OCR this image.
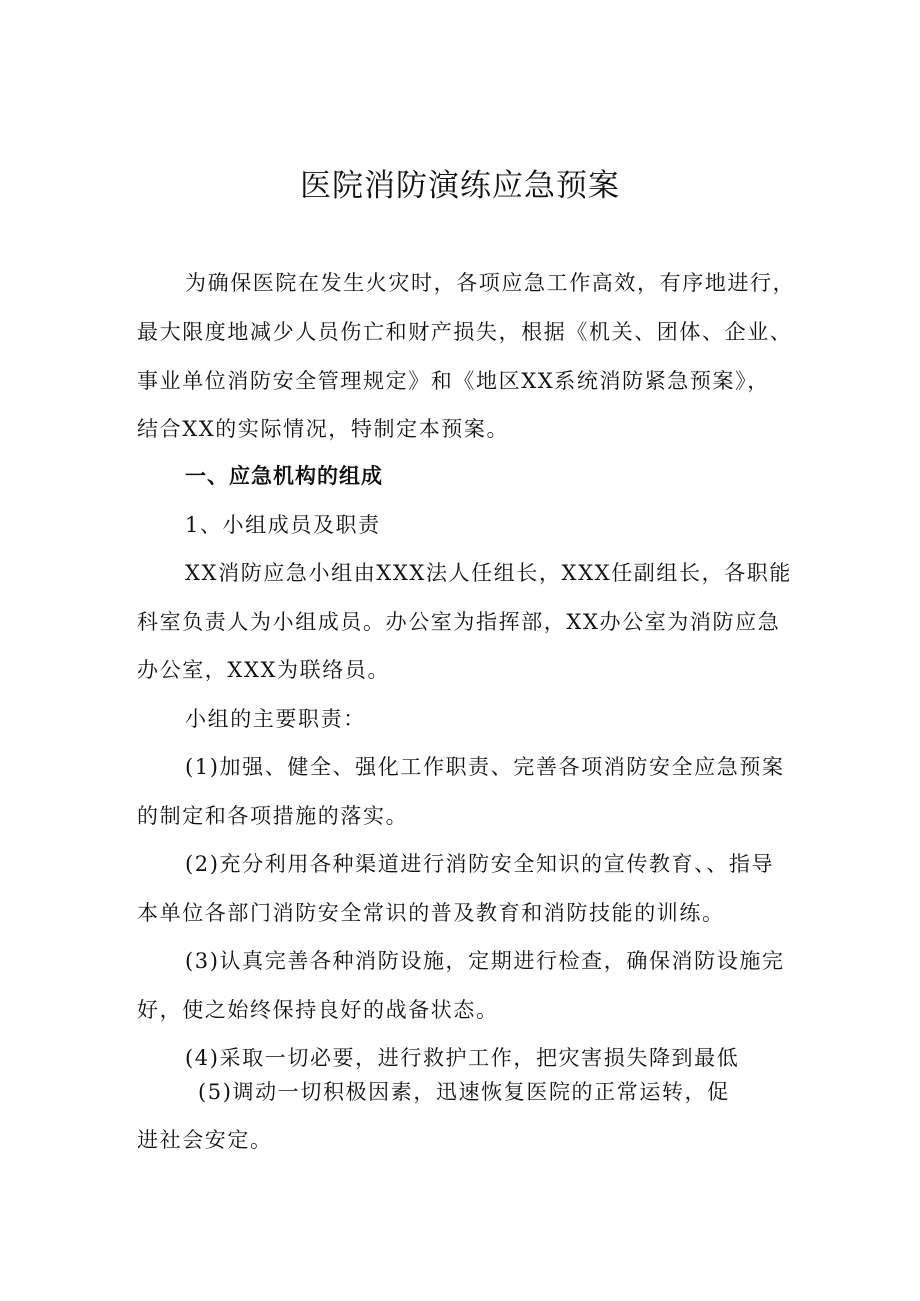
医院消防演练应急预案

为确保医院在发生火灾时，各项应急工作高效，有序地进行，

最大限度地减少人员伤亡和财产损失，根据《机关、团体、企业、

事业单位消防安全管理规定》和《地区XX系统消防紧急预案》，

结合XX的实际情况，特制定本预案。

一、应急机构的组成

1、小组成员及职责

XX消防应急小组由XXX法人任组长，XXX任副组长，各职能

科室负责人为小组成员。办公室为指挥部，XX办公室为消防应急

办公室，XXX为联络员。

小组的主要职责：

(1)加强、健全、强化工作职责、完善各项消防安全应急预案

的制定和各项措施的落实。

(2)充分利用各种渠道进行消防安全知识的宣传教育、、指导

本单位各部门消防安全常识的普及教育和消防技能的训练。

(3)认真完善各种消防设施，定期进行检查，确保消防设施完

好，使之始终保持良好的战备状态。

(4)采取一切必要，进行救护工作，把灾害损失降到最低

(5)调动一切积极因素，迅速恢复医院的正常运转，促

进社会安定。
